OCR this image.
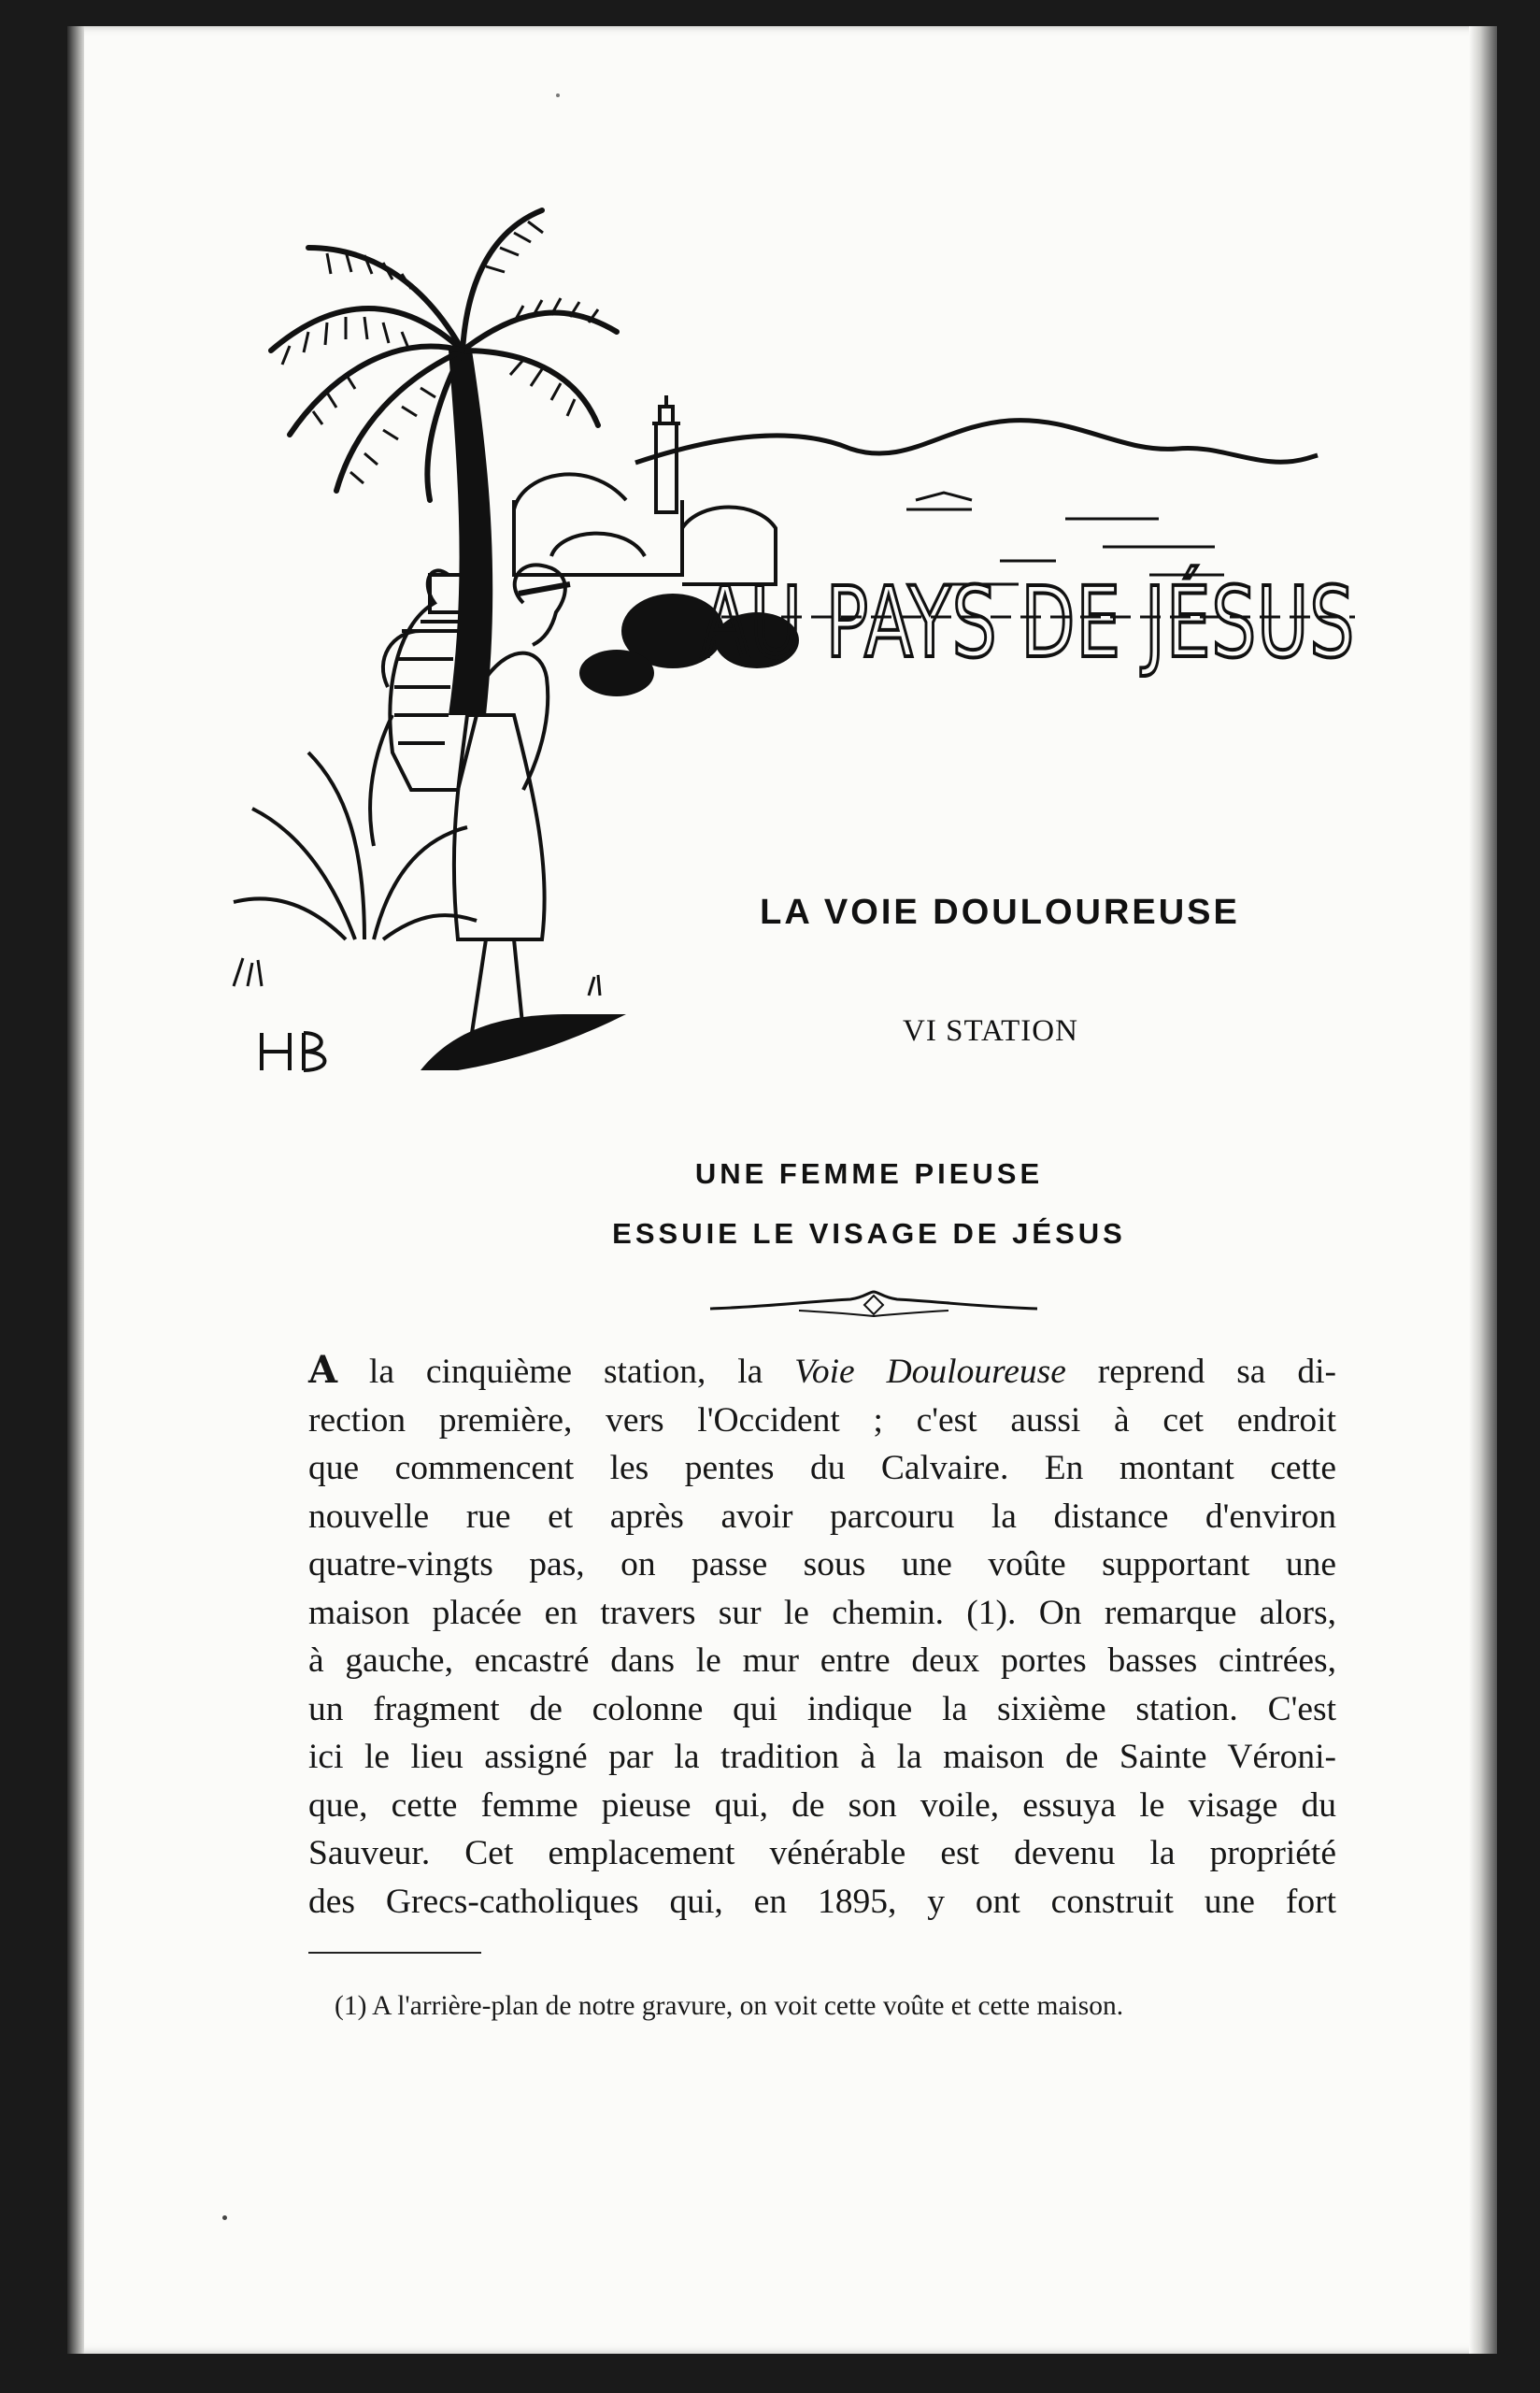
AU PAYS DE JÉSUS
LA VOIE DOULOUREUSE
VI STATION
UNE FEMME PIEUSE
ESSUIE LE VISAGE DE JÉSUS
A la cinquième station, la Voie Douloureuse reprend sa di-
rection première, vers l'Occident ; c'est aussi à cet endroit
que commencent les pentes du Calvaire. En montant cette
nouvelle rue et après avoir parcouru la distance d'environ
quatre-vingts pas, on passe sous une voûte supportant une
maison placée en travers sur le chemin. (1). On remarque alors,
à gauche, encastré dans le mur entre deux portes basses cintrées,
un fragment de colonne qui indique la sixième station. C'est
ici le lieu assigné par la tradition à la maison de Sainte Véroni-
que, cette femme pieuse qui, de son voile, essuya le visage du
Sauveur. Cet emplacement vénérable est devenu la propriété
des Grecs-catholiques qui, en 1895, y ont construit une fort
(1) A l'arrière-plan de notre gravure, on voit cette voûte et cette maison.
